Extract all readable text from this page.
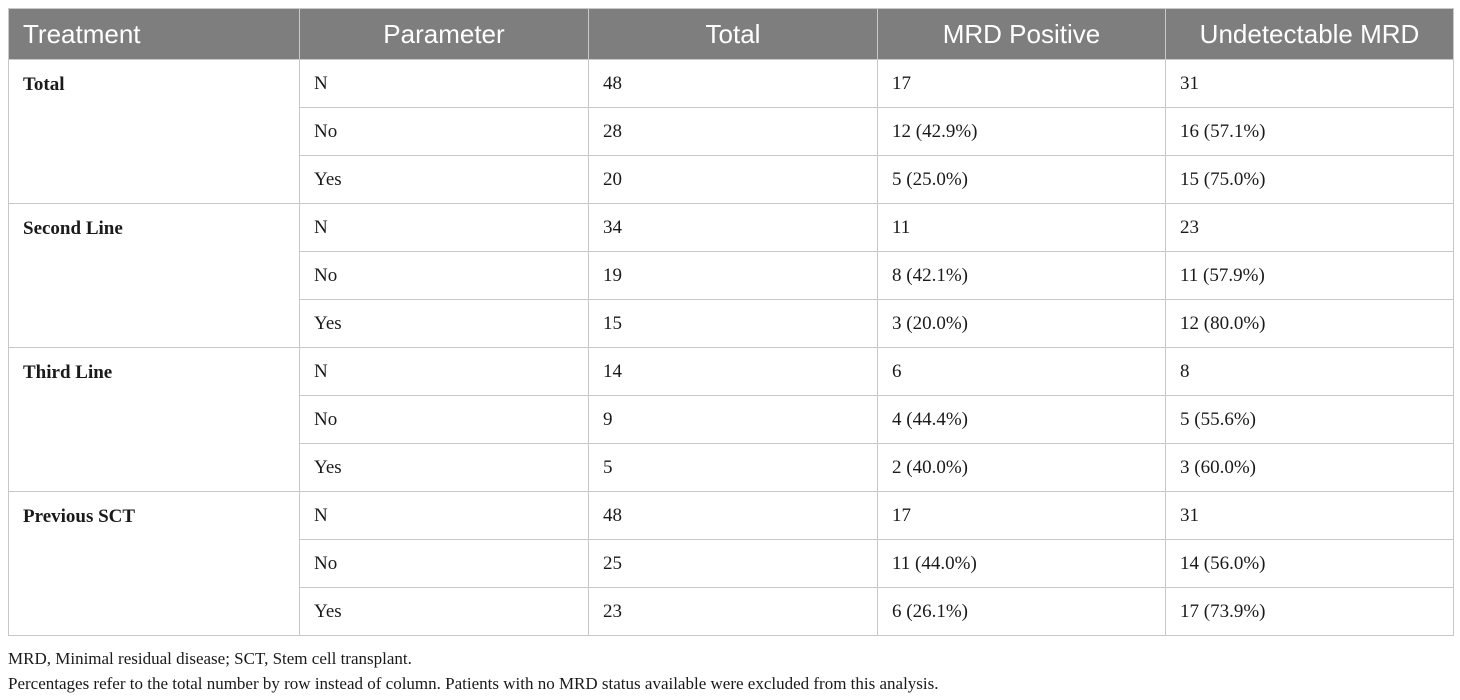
Treatment	Parameter	Total	MRD Positive	Undetectable MRD
Total	N	48	17	31
	No	28	12 (42.9%)	16 (57.1%)
	Yes	20	5 (25.0%)	15 (75.0%)
Second Line	N	34	11	23
	No	19	8 (42.1%)	11 (57.9%)
	Yes	15	3 (20.0%)	12 (80.0%)
Third Line	N	14	6	8
	No	9	4 (44.4%)	5 (55.6%)
	Yes	5	2 (40.0%)	3 (60.0%)
Previous SCT	N	48	17	31
	No	25	11 (44.0%)	14 (56.0%)
	Yes	23	6 (26.1%)	17 (73.9%)
MRD, Minimal residual disease; SCT, Stem cell transplant.
Percentages refer to the total number by row instead of column. Patients with no MRD status available were excluded from this analysis.
